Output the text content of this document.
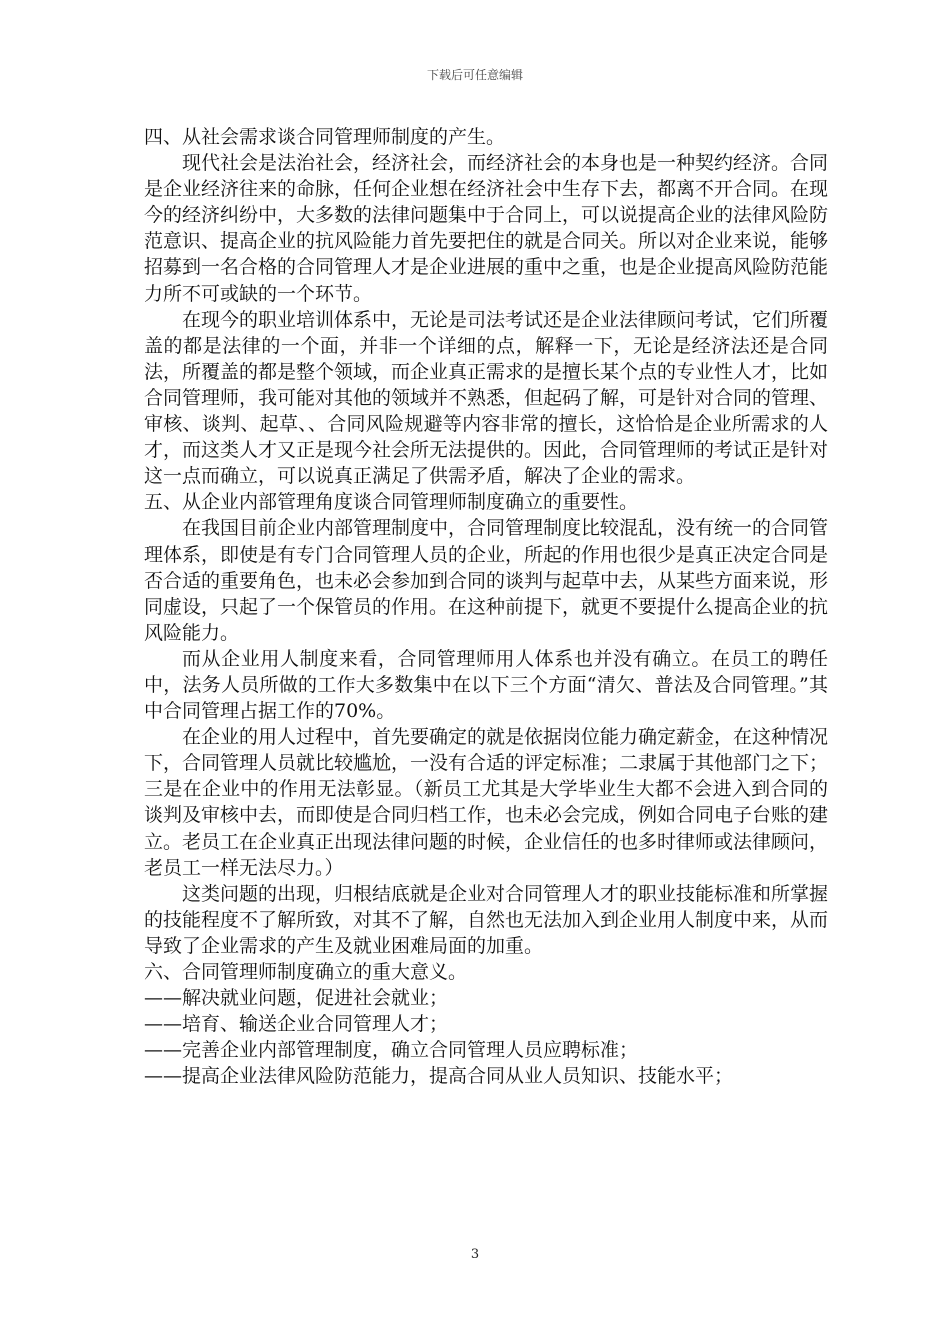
下载后可任意编辑

四、从社会需求谈合同管理师制度的产生。

现代社会是法治社会，经济社会，而经济社会的本身也是一种契约经济。合同是企业经济往来的命脉，任何企业想在经济社会中生存下去，都离不开合同。在现今的经济纠纷中，大多数的法律问题集中于合同上，可以说提高企业的法律风险防范意识、提高企业的抗风险能力首先要把住的就是合同关。所以对企业来说，能够招募到一名合格的合同管理人才是企业进展的重中之重，也是企业提高风险防范能力所不可或缺的一个环节。

在现今的职业培训体系中，无论是司法考试还是企业法律顾问考试，它们所覆盖的都是法律的一个面，并非一个详细的点，解释一下，无论是经济法还是合同法，所覆盖的都是整个领域，而企业真正需求的是擅长某个点的专业性人才，比如合同管理师，我可能对其他的领域并不熟悉，但起码了解，可是针对合同的管理、审核、谈判、起草、、合同风险规避等内容非常的擅长，这恰恰是企业所需求的人才，而这类人才又正是现今社会所无法提供的。因此，合同管理师的考试正是针对这一点而确立，可以说真正满足了供需矛盾，解决了企业的需求。

五、从企业内部管理角度谈合同管理师制度确立的重要性。

在我国目前企业内部管理制度中，合同管理制度比较混乱，没有统一的合同管理体系，即使是有专门合同管理人员的企业，所起的作用也很少是真正决定合同是否合适的重要角色，也未必会参加到合同的谈判与起草中去，从某些方面来说，形同虚设，只起了一个保管员的作用。在这种前提下，就更不要提什么提高企业的抗风险能力。

而从企业用人制度来看，合同管理师用人体系也并没有确立。在员工的聘任中，法务人员所做的工作大多数集中在以下三个方面“清欠、普法及合同管理。”其中合同管理占据工作的70%。

在企业的用人过程中，首先要确定的就是依据岗位能力确定薪金，在这种情况下，合同管理人员就比较尴尬，一没有合适的评定标准；二隶属于其他部门之下；三是在企业中的作用无法彰显。（新员工尤其是大学毕业生大都不会进入到合同的谈判及审核中去，而即使是合同归档工作，也未必会完成，例如合同电子台账的建立。老员工在企业真正出现法律问题的时候，企业信任的也多时律师或法律顾问，老员工一样无法尽力。）

这类问题的出现，归根结底就是企业对合同管理人才的职业技能标准和所掌握的技能程度不了解所致，对其不了解，自然也无法加入到企业用人制度中来，从而导致了企业需求的产生及就业困难局面的加重。

六、合同管理师制度确立的重大意义。

——解决就业问题，促进社会就业；

——培育、输送企业合同管理人才；

——完善企业内部管理制度，确立合同管理人员应聘标准；

——提高企业法律风险防范能力，提高合同从业人员知识、技能水平；

3
